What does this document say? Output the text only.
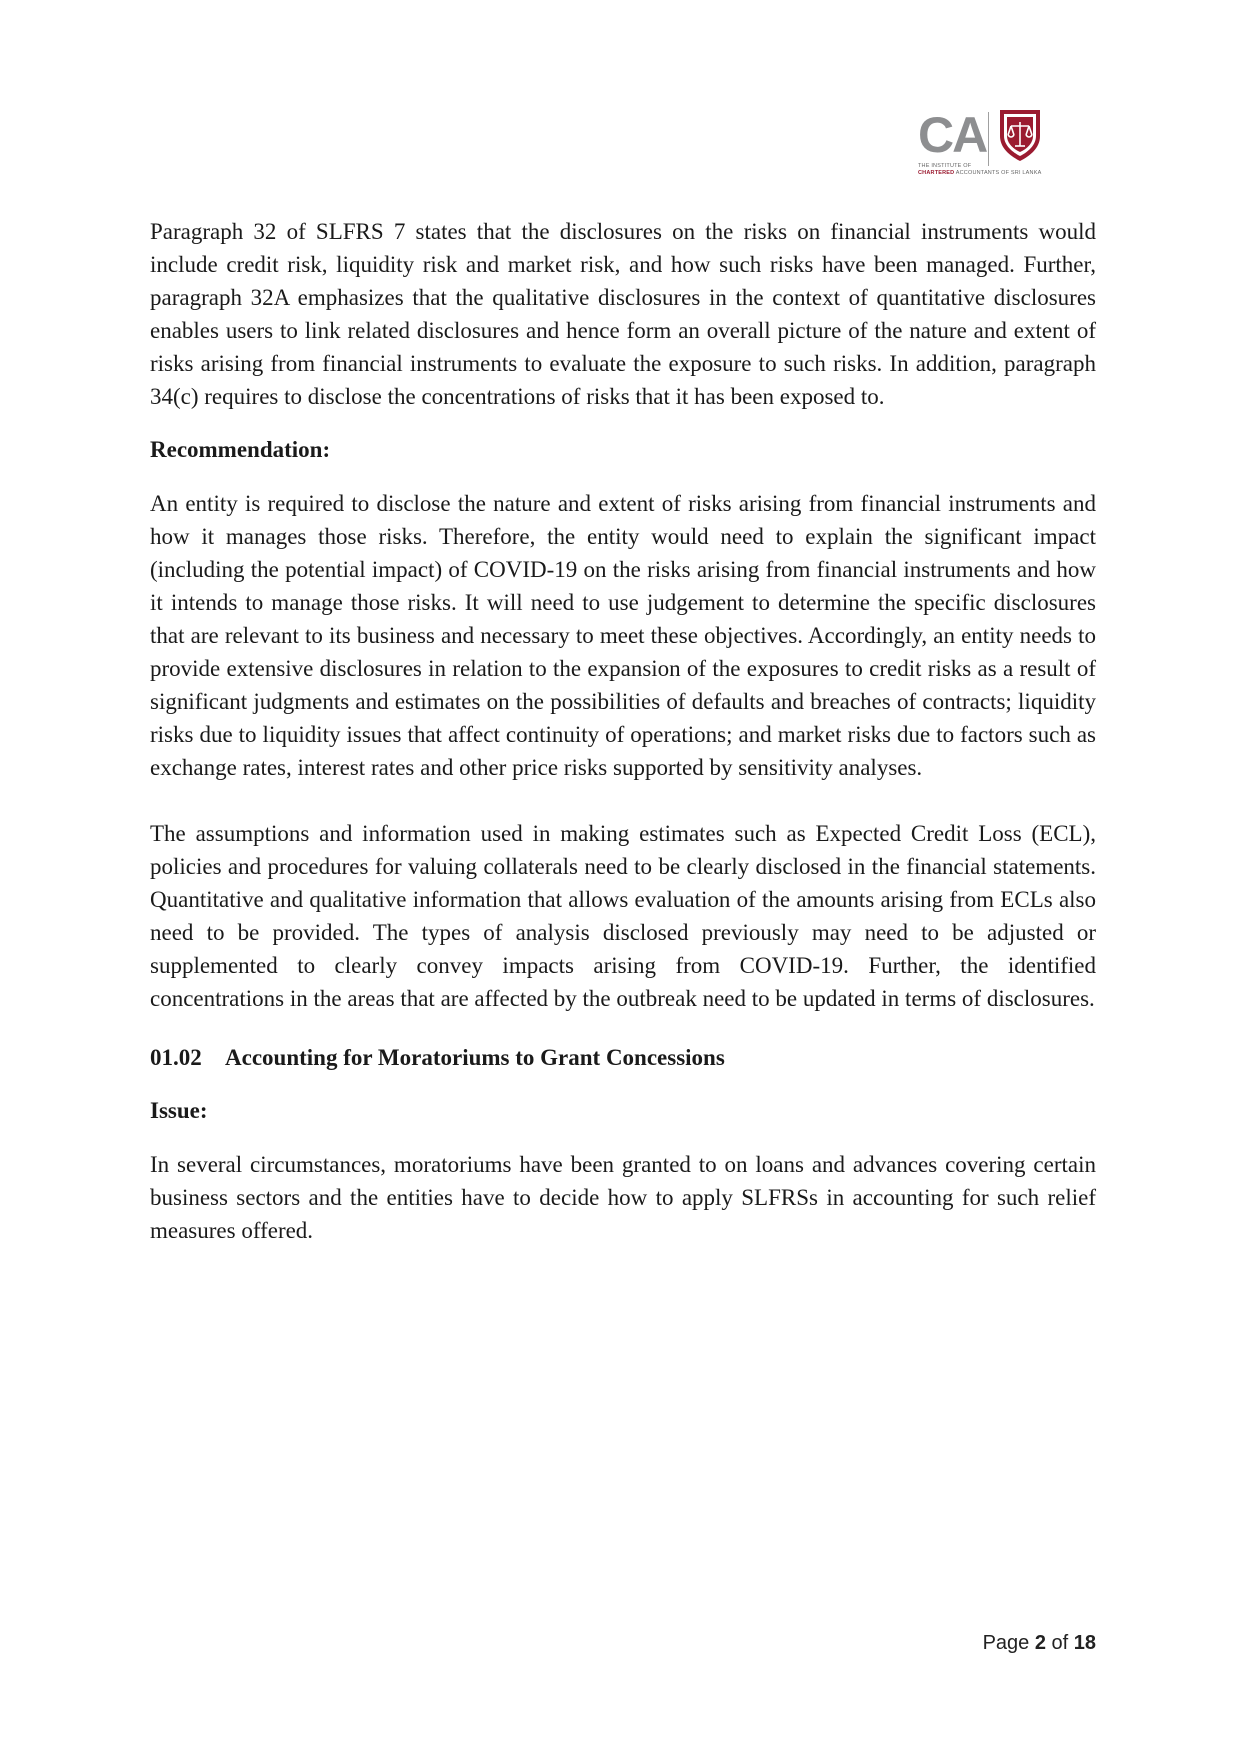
CA
THE INSTITUTE OF
CHARTERED ACCOUNTANTS OF SRI LANKA

Paragraph 32 of SLFRS 7 states that the disclosures on the risks on financial instruments would include credit risk, liquidity risk and market risk, and how such risks have been managed. Further, paragraph 32A emphasizes that the qualitative disclosures in the context of quantitative disclosures enables users to link related disclosures and hence form an overall picture of the nature and extent of risks arising from financial instruments to evaluate the exposure to such risks. In addition, paragraph 34(c) requires to disclose the concentrations of risks that it has been exposed to.

Recommendation:

An entity is required to disclose the nature and extent of risks arising from financial instruments and how it manages those risks. Therefore, the entity would need to explain the significant impact (including the potential impact) of COVID-19 on the risks arising from financial instruments and how it intends to manage those risks. It will need to use judgement to determine the specific disclosures that are relevant to its business and necessary to meet these objectives. Accordingly, an entity needs to provide extensive disclosures in relation to the expansion of the exposures to credit risks as a result of significant judgments and estimates on the possibilities of defaults and breaches of contracts; liquidity risks due to liquidity issues that affect continuity of operations; and market risks due to factors such as exchange rates, interest rates and other price risks supported by sensitivity analyses.

The assumptions and information used in making estimates such as Expected Credit Loss (ECL), policies and procedures for valuing collaterals need to be clearly disclosed in the financial statements. Quantitative and qualitative information that allows evaluation of the amounts arising from ECLs also need to be provided. The types of analysis disclosed previously may need to be adjusted or supplemented to clearly convey impacts arising from COVID-19. Further, the identified concentrations in the areas that are affected by the outbreak need to be updated in terms of disclosures.

01.02 Accounting for Moratoriums to Grant Concessions

Issue:

In several circumstances, moratoriums have been granted to on loans and advances covering certain business sectors and the entities have to decide how to apply SLFRSs in accounting for such relief measures offered.

Page 2 of 18
